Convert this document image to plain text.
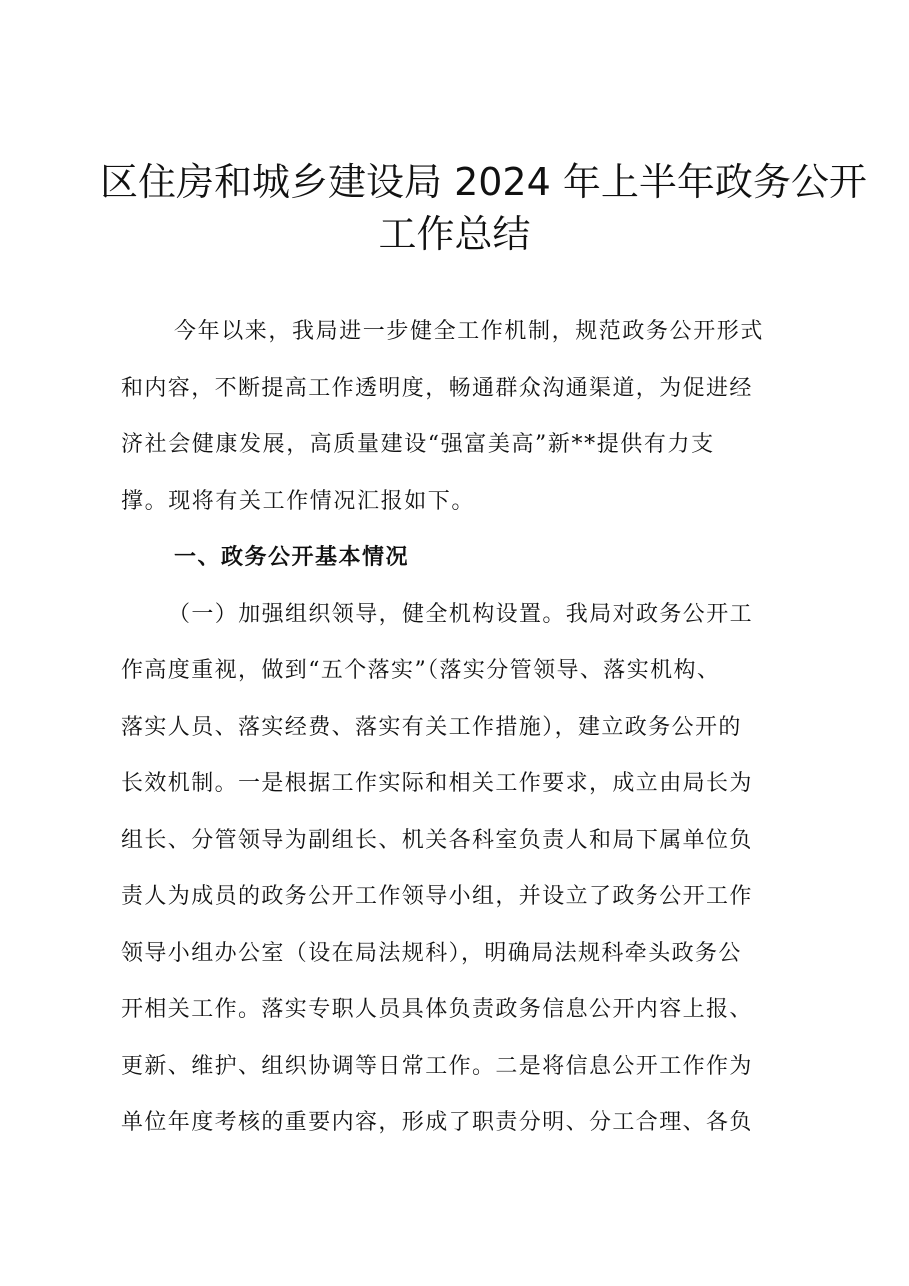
区住房和城乡建设局 2024 年上半年政务公开
工作总结
今年以来，我局进一步健全工作机制，规范政务公开形式
和内容，不断提高工作透明度，畅通群众沟通渠道，为促进经
济社会健康发展，高质量建设“强富美高”新**提供有力支
撑。现将有关工作情况汇报如下。
一、政务公开基本情况
（一）加强组织领导，健全机构设置。我局对政务公开工
作高度重视，做到“五个落实”（落实分管领导、落实机构、
落实人员、落实经费、落实有关工作措施），建立政务公开的
长效机制。一是根据工作实际和相关工作要求，成立由局长为
组长、分管领导为副组长、机关各科室负责人和局下属单位负
责人为成员的政务公开工作领导小组，并设立了政务公开工作
领导小组办公室（设在局法规科），明确局法规科牵头政务公
开相关工作。落实专职人员具体负责政务信息公开内容上报、
更新、维护、组织协调等日常工作。二是将信息公开工作作为
单位年度考核的重要内容，形成了职责分明、分工合理、各负
